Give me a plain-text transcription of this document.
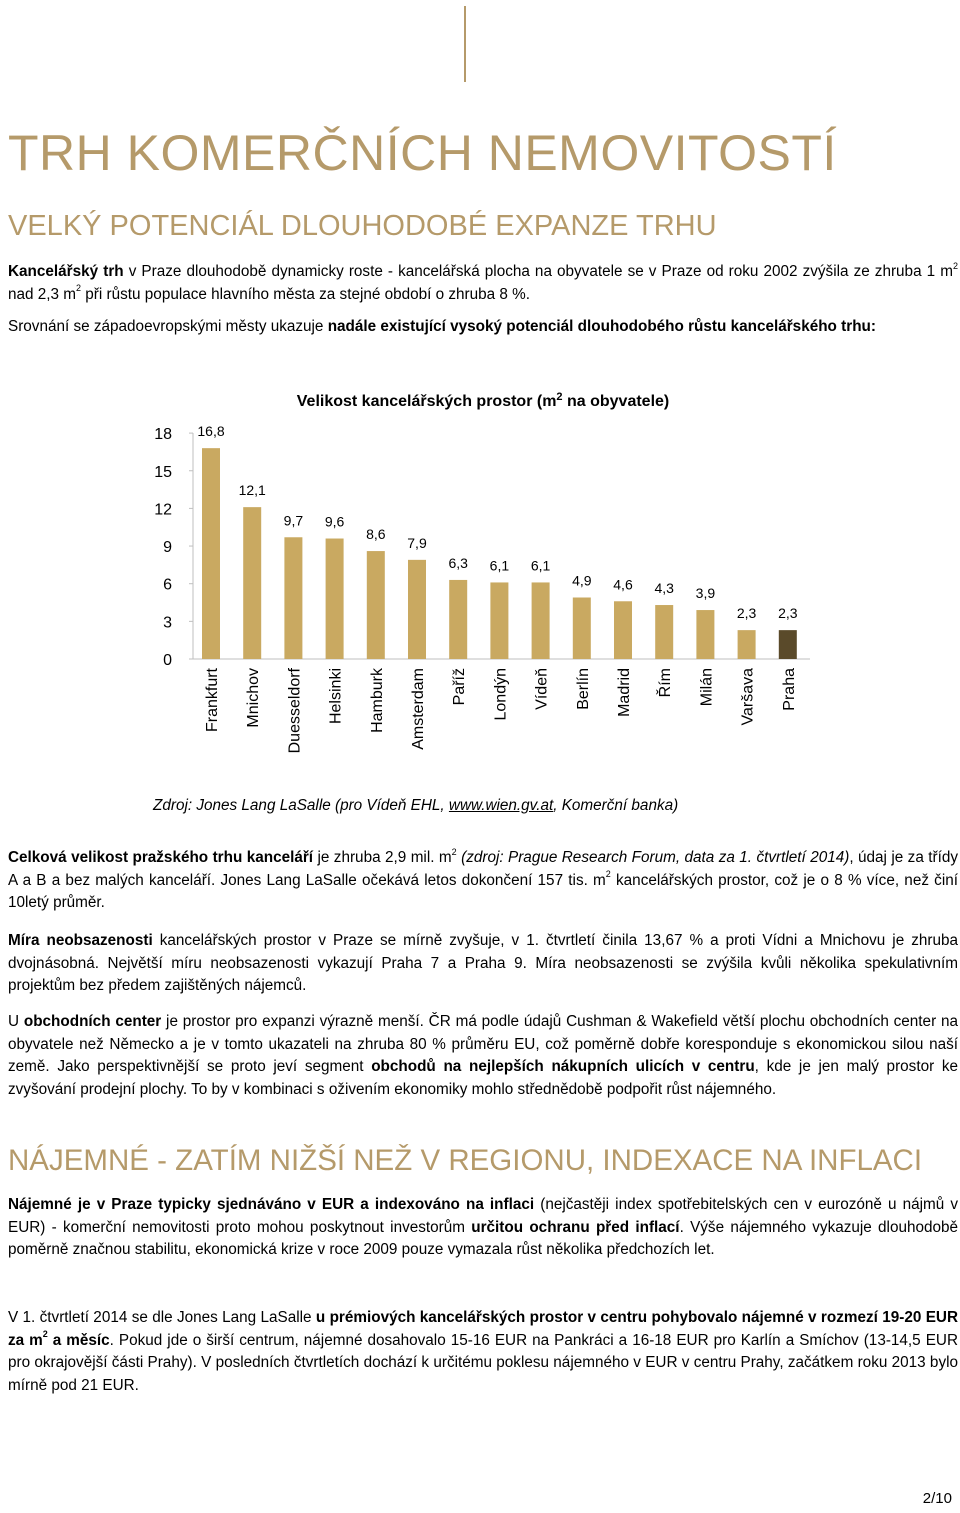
TRH KOMERČNÍCH NEMOVITOSTÍ
VELKÝ POTENCIÁL DLOUHODOBÉ EXPANZE TRHU

Kancelářský trh v Praze dlouhodobě dynamicky roste - kancelářská plocha na obyvatele se v Praze od roku 2002 zvýšila ze zhruba 1 $m^2$ nad 2,3 $m^2$ při růstu populace hlavního města za stejné období o zhruba 8 %.

Srovnání se západoevropskými městy ukazuje nadále existující vysoký potenciál dlouhodobého růstu kancelářského trhu:

Velikost kancelářských prostor ($m^2$ na obyvatele)
0
3
6
9
12
15
18 16,8
Frankfurt
12,1
Mnichov
9,7
Duesseldorf
9,6
Helsinki
8,6
Hamburk
7,9
Amsterdam
6,3
Paříž
6,1
Londýn
6,1
Vídeň
4,9
Berlín
4,6
Madrid
4,3
Řím
3,9
Milán
2,3
Varšava
2,3
Praha

Zdroj: Jones Lang LaSalle (pro Vídeň EHL, www.wien.gv.at, Komerční banka)

Celková velikost pražského trhu kanceláří je zhruba 2,9 mil. $m^2$ (zdroj: Prague Research Forum, data za 1. čtvrtletí 2014), údaj je za třídy A a B a bez malých kanceláří. Jones Lang LaSalle očekává letos dokončení 157 tis. $m^2$ kancelářských prostor, což je o 8 % více, než činí 10letý průměr.

Míra neobsazenosti kancelářských prostor v Praze se mírně zvyšuje, v 1. čtvrtletí činila 13,67 % a proti Vídni a Mnichovu je zhruba dvojnásobná. Největší míru neobsazenosti vykazují Praha 7 a Praha 9. Míra neobsazenosti se zvýšila kvůli několika spekulativním projektům bez předem zajištěných nájemců.

U obchodních center je prostor pro expanzi výrazně menší. ČR má podle údajů Cushman & Wakefield větší plochu obchodních center na obyvatele než Německo a je v tomto ukazateli na zhruba 80 % průměru EU, což poměrně dobře koresponduje s ekonomickou silou naší země. Jako perspektivnější se proto jeví segment obchodů na nejlepších nákupních ulicích v centru, kde je jen malý prostor ke zvyšování prodejní plochy. To by v kombinaci s oživením ekonomiky mohlo střednědobě podpořit růst nájemného.

NÁJEMNÉ - ZATÍM NIŽŠÍ NEŽ V REGIONU, INDEXACE NA INFLACI

Nájemné je v Praze typicky sjednáváno v EUR a indexováno na inflaci (nejčastěji index spotřebitelských cen v eurozóně u nájmů v EUR) - komerční nemovitosti proto mohou poskytnout investorům určitou ochranu před inflací. Výše nájemného vykazuje dlouhodobě poměrně značnou stabilitu, ekonomická krize v roce 2009 pouze vymazala růst několika předchozích let.

V 1. čtvrtletí 2014 se dle Jones Lang LaSalle u prémiových kancelářských prostor v centru pohybovalo nájemné v rozmezí 19-20 EUR za $m^2$ a měsíc. Pokud jde o širší centrum, nájemné dosahovalo 15-16 EUR na Pankráci a 16-18 EUR pro Karlín a Smíchov (13-14,5 EUR pro okrajovější části Prahy). V posledních čtvrtletích dochází k určitému poklesu nájemného v EUR v centru Prahy, začátkem roku 2013 bylo mírně pod 21 EUR.

2/10
